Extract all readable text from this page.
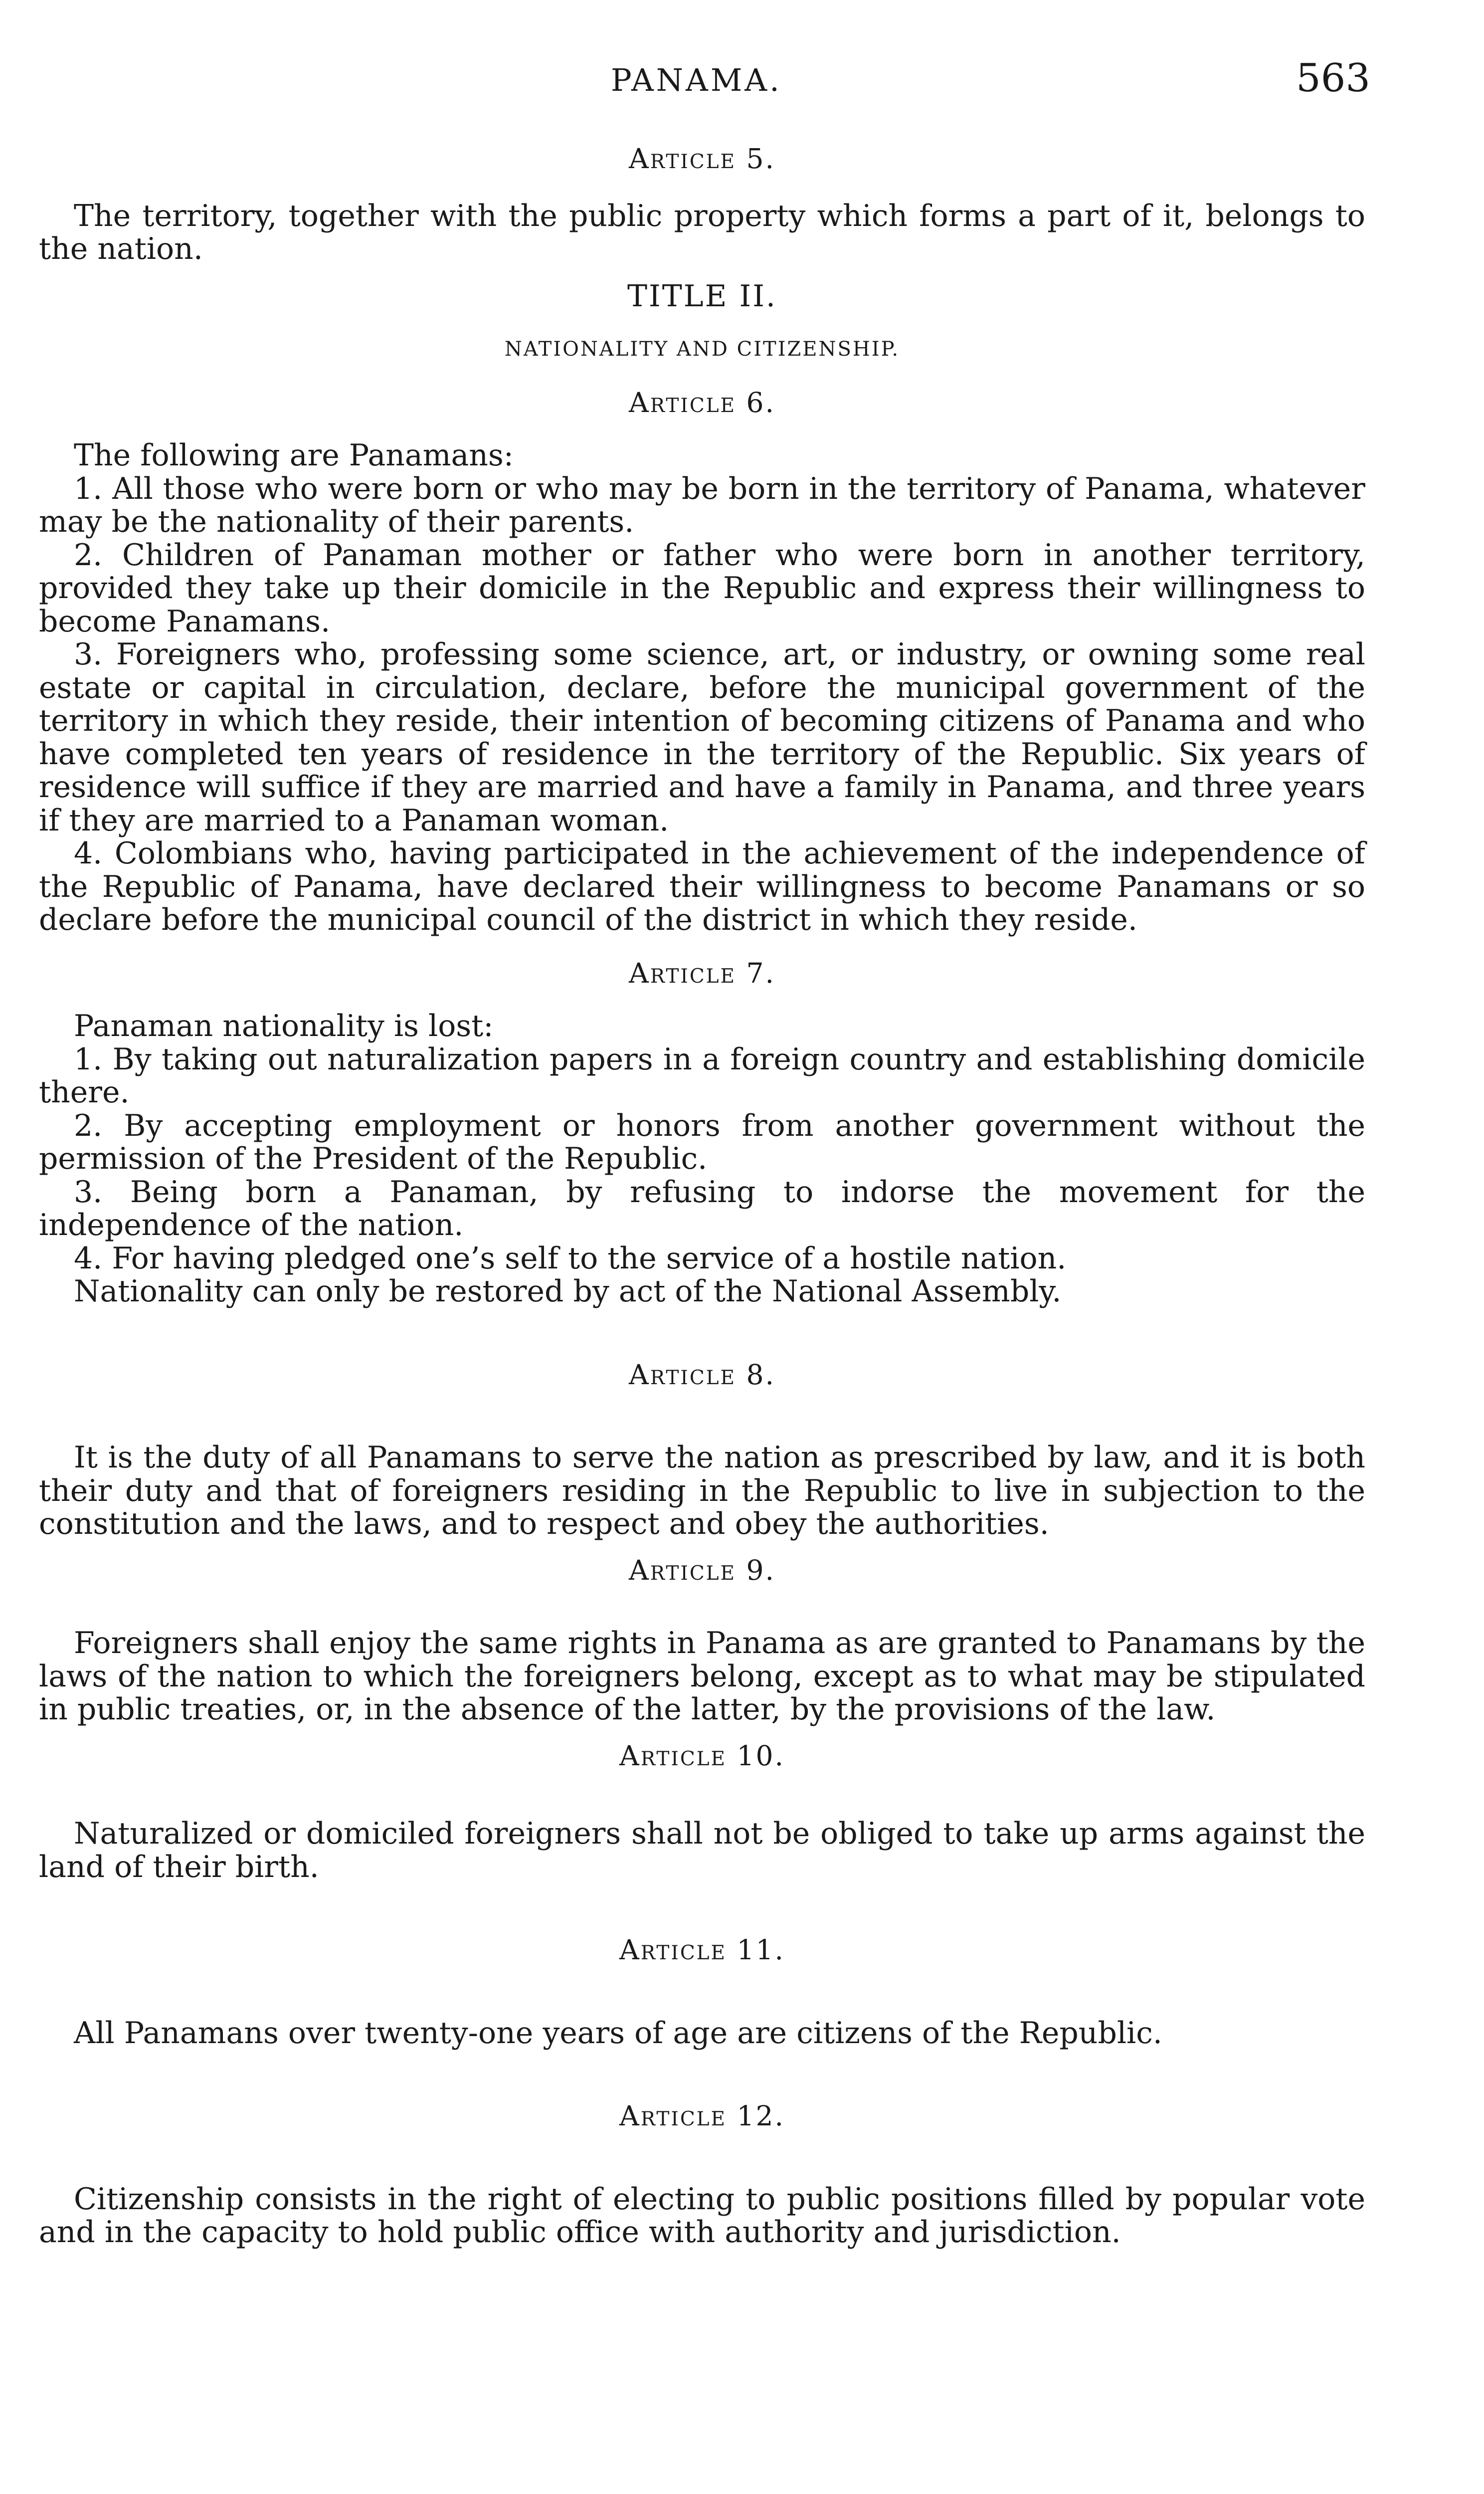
PANAMA.	563
Article 5.
The territory, together with the public property which forms a part of it, belongs to the nation.
TITLE II.
NATIONALITY AND CITIZENSHIP.
Article 6.
The following are Panamans:
1. All those who were born or who may be born in the territory of Panama, whatever may be the nationality of their parents.
2. Children of Panaman mother or father who were born in another territory, provided they take up their domicile in the Republic and express their willingness to become Panamans.
3. Foreigners who, professing some science, art, or industry, or owning some real estate or capital in circulation, declare, before the municipal government of the territory in which they reside, their intention of becoming citizens of Panama and who have completed ten years of residence in the territory of the Republic. Six years of residence will suffice if they are married and have a family in Panama, and three years if they are married to a Panaman woman.
4. Colombians who, having participated in the achievement of the independence of the Republic of Panama, have declared their willingness to become Panamans or so declare before the municipal council of the district in which they reside.
Article 7.
Panaman nationality is lost:
1. By taking out naturalization papers in a foreign country and establishing domicile there.
2. By accepting employment or honors from another government without the permission of the President of the Republic.
3. Being born a Panaman, by refusing to indorse the movement for the independence of the nation.
4. For having pledged one’s self to the service of a hostile nation.
Nationality can only be restored by act of the National Assembly.
Article 8.
It is the duty of all Panamans to serve the nation as prescribed by law, and it is both their duty and that of foreigners residing in the Republic to live in subjection to the constitution and the laws, and to respect and obey the authorities.
Article 9.
Foreigners shall enjoy the same rights in Panama as are granted to Panamans by the laws of the nation to which the foreigners belong, except as to what may be stipulated in public treaties, or, in the absence of the latter, by the provisions of the law.
Article 10.
Naturalized or domiciled foreigners shall not be obliged to take up arms against the land of their birth.
Article 11.
All Panamans over twenty-one years of age are citizens of the Republic.
Article 12.
Citizenship consists in the right of electing to public positions filled by popular vote and in the capacity to hold public office with authority and jurisdiction.
